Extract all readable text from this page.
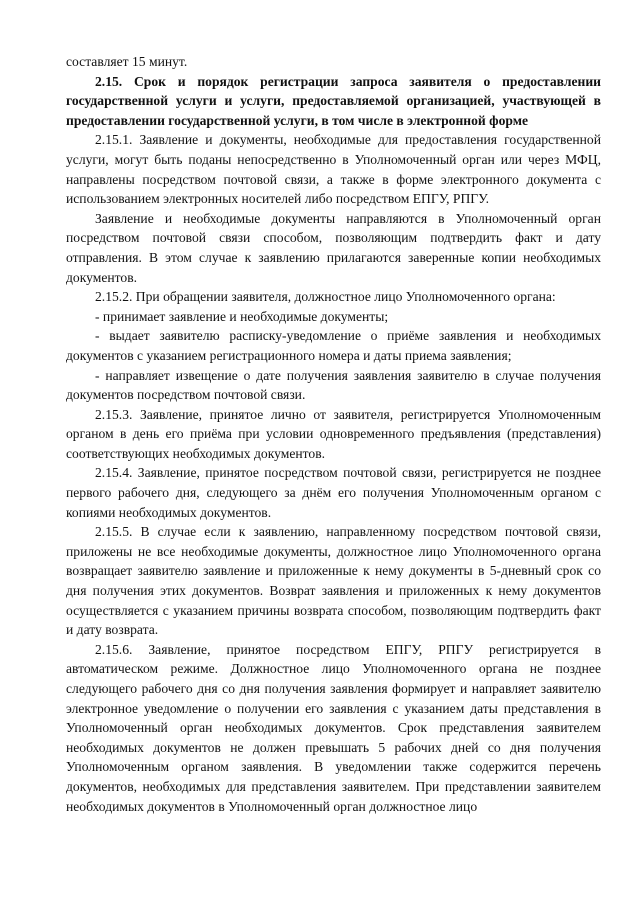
составляет 15 минут.

2.15. Срок и порядок регистрации запроса заявителя о предоставлении государственной услуги и услуги, предоставляемой организацией, участвующей в предоставлении государственной услуги, в том числе в электронной форме

2.15.1. Заявление и документы, необходимые для предоставления государственной услуги, могут быть поданы непосредственно в Уполномоченный орган или через МФЦ, направлены посредством почтовой связи, а также в форме электронного документа с использованием электронных носителей либо посредством ЕПГУ, РПГУ.

Заявление и необходимые документы направляются в Уполномоченный орган посредством почтовой связи способом, позволяющим подтвердить факт и дату отправления. В этом случае к заявлению прилагаются заверенные копии необходимых документов.

2.15.2. При обращении заявителя, должностное лицо Уполномоченного органа:

- принимает заявление и необходимые документы;

- выдает заявителю расписку-уведомление о приёме заявления и необходимых документов с указанием регистрационного номера и даты приема заявления;

- направляет извещение о дате получения заявления заявителю в случае получения документов посредством почтовой связи.

2.15.3. Заявление, принятое лично от заявителя, регистрируется Уполномоченным органом в день его приёма при условии одновременного предъявления (представления) соответствующих необходимых документов.

2.15.4. Заявление, принятое посредством почтовой связи, регистрируется не позднее первого рабочего дня, следующего за днём его получения Уполномоченным органом с копиями необходимых документов.

2.15.5. В случае если к заявлению, направленному посредством почтовой связи, приложены не все необходимые документы, должностное лицо Уполномоченного органа возвращает заявителю заявление и приложенные к нему документы в 5-дневный срок со дня получения этих документов. Возврат заявления и приложенных к нему документов осуществляется с указанием причины возврата способом, позволяющим подтвердить факт и дату возврата.

2.15.6. Заявление, принятое посредством ЕПГУ, РПГУ регистрируется в автоматическом режиме. Должностное лицо Уполномоченного органа не позднее следующего рабочего дня со дня получения заявления формирует и направляет заявителю электронное уведомление о получении его заявления с указанием даты представления в Уполномоченный орган необходимых документов. Срок представления заявителем необходимых документов не должен превышать 5 рабочих дней со дня получения Уполномоченным органом заявления. В уведомлении также содержится перечень документов, необходимых для представления заявителем. При представлении заявителем необходимых документов в Уполномоченный орган должностное лицо
